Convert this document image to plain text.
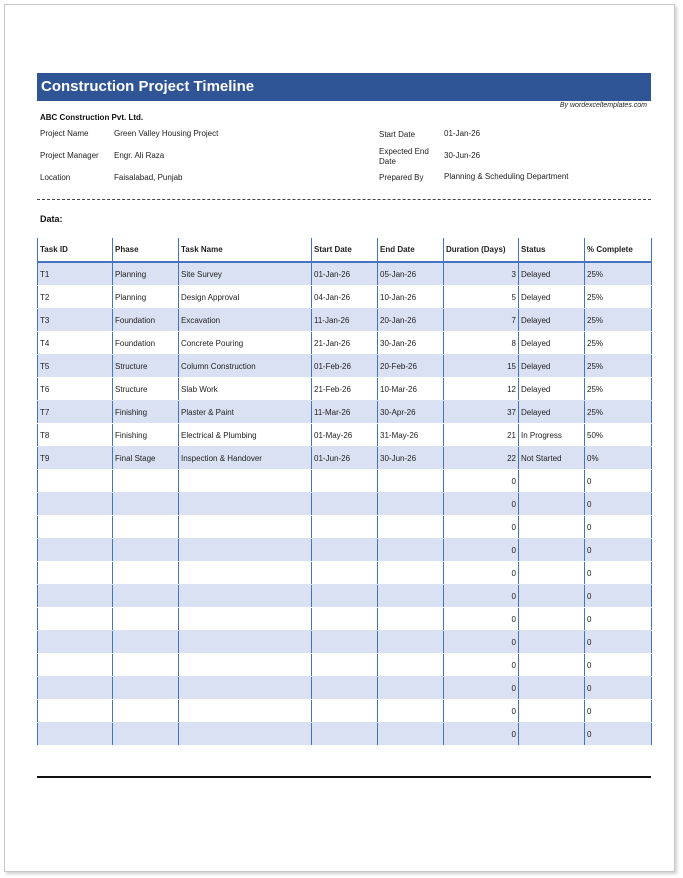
Construction Project Timeline
By wordexceltemplates.com
ABC Construction Pvt. Ltd.
Project Name	Green Valley Housing Project
Project Manager Engr. Ali Raza
Location	Faisalabad, Punjab
Start Date	01-Jan-26
Expected End Date
30-Jun-26
Prepared By	Planning & Scheduling Department
Data:
Task ID	Phase	Task Name	Start Date	End Date	Duration (Days)	Status	% Complete
T1	Planning	Site Survey	01-Jan-26	05-Jan-26	3	Delayed	25%
T2	Planning	Design Approval	04-Jan-26	10-Jan-26	5	Delayed	25%
T3	Foundation	Excavation	11-Jan-26	20-Jan-26	7	Delayed	25%
T4	Foundation	Concrete Pouring	21-Jan-26	30-Jan-26	8	Delayed	25%
T5	Structure	Column Construction	01-Feb-26	20-Feb-26	15	Delayed	25%
T6	Structure	Slab Work	21-Feb-26	10-Mar-26	12	Delayed	25%
T7	Finishing	Plaster & Paint	11-Mar-26	30-Apr-26	37	Delayed	25%
T8	Finishing	Electrical & Plumbing	01-May-26	31-May-26	21	In Progress	50%
T9	Final Stage	Inspection & Handover	01-Jun-26	30-Jun-26	22	Not Started	0%
					0		0
					0		0
					0		0
					0		0
					0		0
					0		0
					0		0
					0		0
					0		0
					0		0
					0		0
					0		0
